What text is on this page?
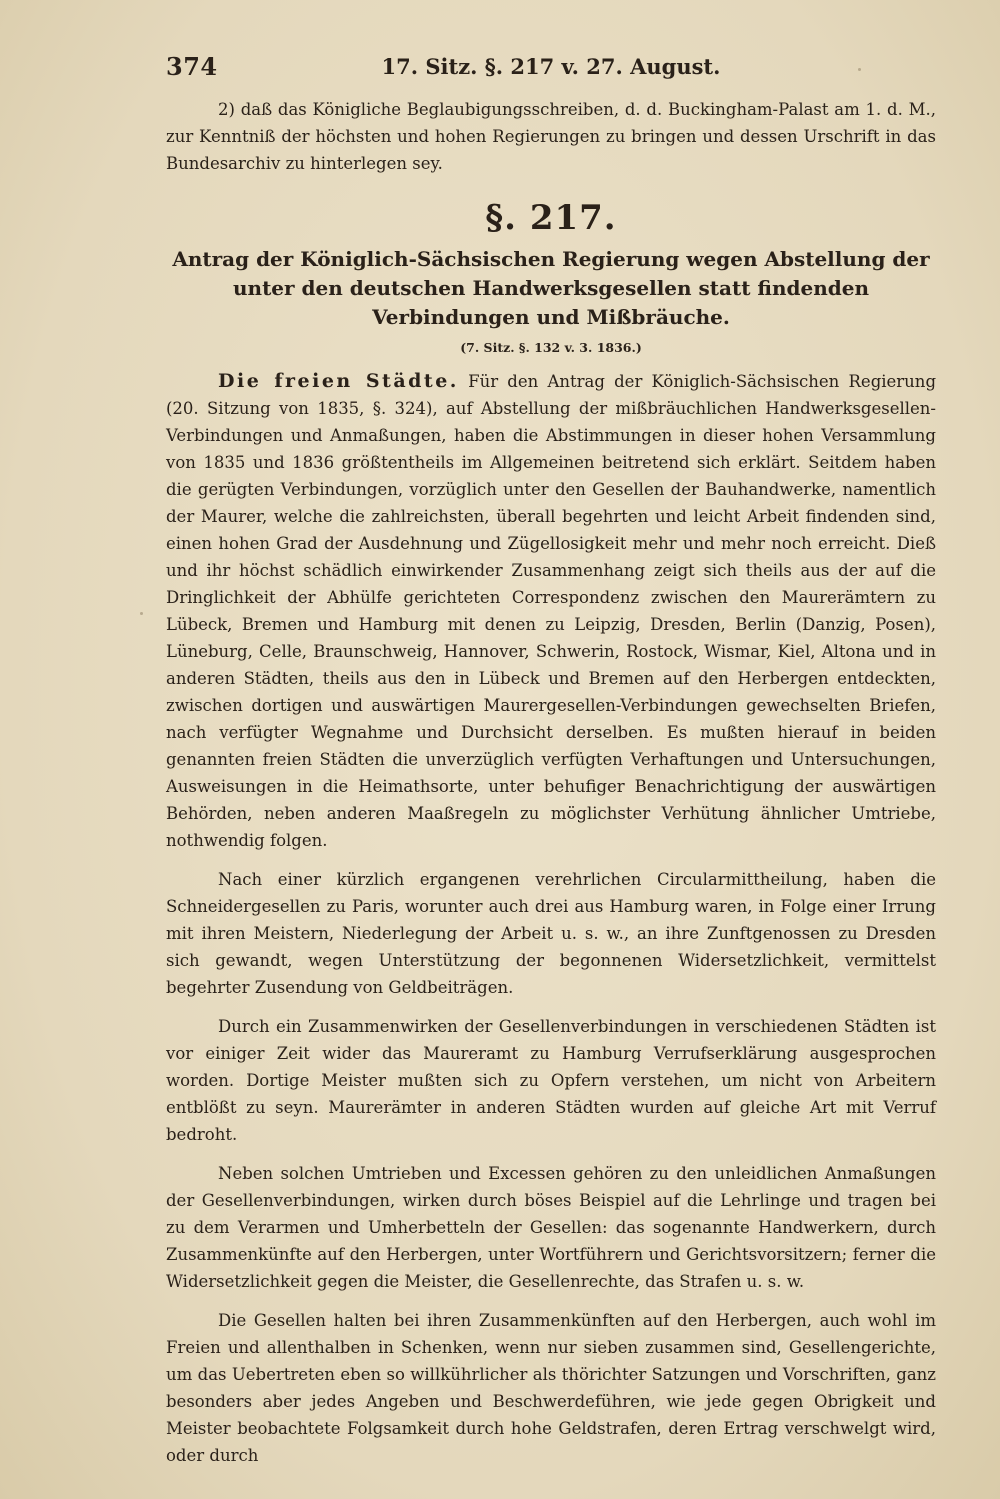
374	17. Sitz. §. 217 v. 27. August.

2) daß das Königliche Beglaubigungsschreiben, d. d. Buckingham-Palast am 1. d. M., zur Kenntniß der höchsten und hohen Regierungen zu bringen und dessen Urschrift in das Bundesarchiv zu hinterlegen sey.

§. 217.

Antrag der Königlich-Sächsischen Regierung wegen Abstellung der unter den deutschen Handwerksgesellen statt findenden Verbindungen und Mißbräuche.

(7. Sitz. §. 132 v. 3. 1836.)

Die freien Städte. Für den Antrag der Königlich-Sächsischen Regierung (20. Sitzung von 1835, §. 324), auf Abstellung der mißbräuchlichen Handwerksgesellen-Verbindungen und Anmaßungen, haben die Abstimmungen in dieser hohen Versammlung von 1835 und 1836 größtentheils im Allgemeinen beitretend sich erklärt. Seitdem haben die gerügten Verbindungen, vorzüglich unter den Gesellen der Bauhandwerke, namentlich der Maurer, welche die zahlreichsten, überall begehrten und leicht Arbeit findenden sind, einen hohen Grad der Ausdehnung und Zügellosigkeit mehr und mehr noch erreicht. Dieß und ihr höchst schädlich einwirkender Zusammenhang zeigt sich theils aus der auf die Dringlichkeit der Abhülfe gerichteten Correspondenz zwischen den Maurerämtern zu Lübeck, Bremen und Hamburg mit denen zu Leipzig, Dresden, Berlin (Danzig, Posen), Lüneburg, Celle, Braunschweig, Hannover, Schwerin, Rostock, Wismar, Kiel, Altona und in anderen Städten, theils aus den in Lübeck und Bremen auf den Herbergen entdeckten, zwischen dortigen und auswärtigen Maurergesellen-Verbindungen gewechselten Briefen, nach verfügter Wegnahme und Durchsicht derselben. Es mußten hierauf in beiden genannten freien Städten die unverzüglich verfügten Verhaftungen und Untersuchungen, Ausweisungen in die Heimathsorte, unter behufiger Benachrichtigung der auswärtigen Behörden, neben anderen Maaßregeln zu möglichster Verhütung ähnlicher Umtriebe, nothwendig folgen.

Nach einer kürzlich ergangenen verehrlichen Circularmittheilung, haben die Schneidergesellen zu Paris, worunter auch drei aus Hamburg waren, in Folge einer Irrung mit ihren Meistern, Niederlegung der Arbeit u. s. w., an ihre Zunftgenossen zu Dresden sich gewandt, wegen Unterstützung der begonnenen Widersetzlichkeit, vermittelst begehrter Zusendung von Geldbeiträgen.

Durch ein Zusammenwirken der Gesellenverbindungen in verschiedenen Städten ist vor einiger Zeit wider das Maureramt zu Hamburg Verrufserklärung ausgesprochen worden. Dortige Meister mußten sich zu Opfern verstehen, um nicht von Arbeitern entblößt zu seyn. Maurerämter in anderen Städten wurden auf gleiche Art mit Verruf bedroht.

Neben solchen Umtrieben und Excessen gehören zu den unleidlichen Anmaßungen der Gesellenverbindungen, wirken durch böses Beispiel auf die Lehrlinge und tragen bei zu dem Verarmen und Umherbetteln der Gesellen: das sogenannte Handwerkern, durch Zusammenkünfte auf den Herbergen, unter Wortführern und Gerichtsvorsitzern; ferner die Widersetzlichkeit gegen die Meister, die Gesellenrechte, das Strafen u. s. w.

Die Gesellen halten bei ihren Zusammenkünften auf den Herbergen, auch wohl im Freien und allenthalben in Schenken, wenn nur sieben zusammen sind, Gesellengerichte, um das Uebertreten eben so willkührlicher als thörichter Satzungen und Vorschriften, ganz besonders aber jedes Angeben und Beschwerdeführen, wie jede gegen Obrigkeit und Meister beobachtete Folgsamkeit durch hohe Geldstrafen, deren Ertrag verschwelgt wird, oder durch
